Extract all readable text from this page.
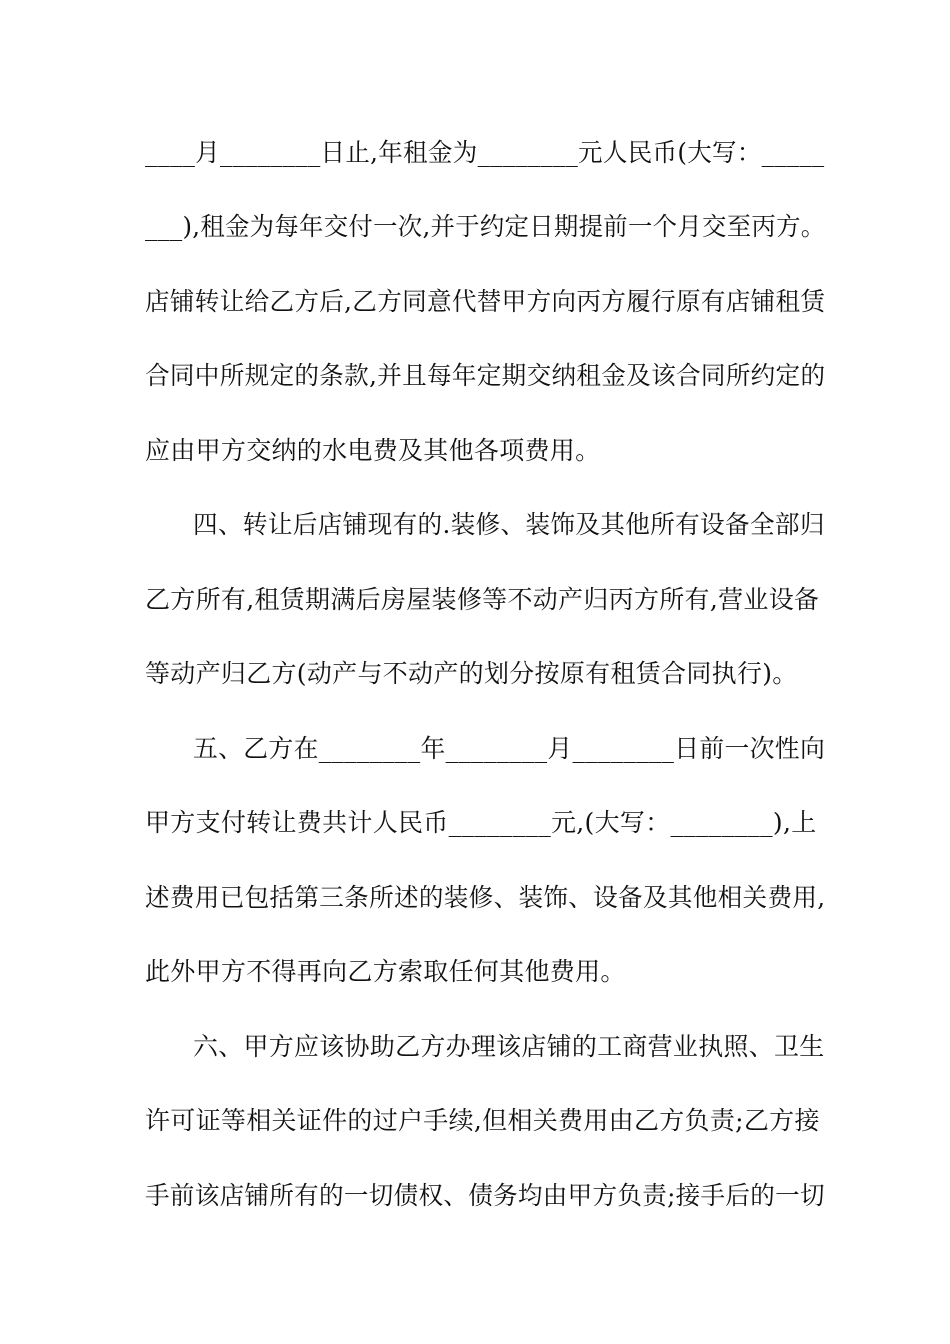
____月________日止,年租金为________元人民币(大写：_____
___),租金为每年交付一次,并于约定日期提前一个月交至丙方。
店铺转让给乙方后,乙方同意代替甲方向丙方履行原有店铺租赁
合同中所规定的条款,并且每年定期交纳租金及该合同所约定的
应由甲方交纳的水电费及其他各项费用。
四、转让后店铺现有的.装修、装饰及其他所有设备全部归
乙方所有,租赁期满后房屋装修等不动产归丙方所有,营业设备
等动产归乙方(动产与不动产的划分按原有租赁合同执行)。
五、乙方在________年________月________日前一次性向
甲方支付转让费共计人民币________元,(大写：________),上
述费用已包括第三条所述的装修、装饰、设备及其他相关费用,
此外甲方不得再向乙方索取任何其他费用。
六、甲方应该协助乙方办理该店铺的工商营业执照、卫生
许可证等相关证件的过户手续,但相关费用由乙方负责;乙方接
手前该店铺所有的一切债权、债务均由甲方负责;接手后的一切
